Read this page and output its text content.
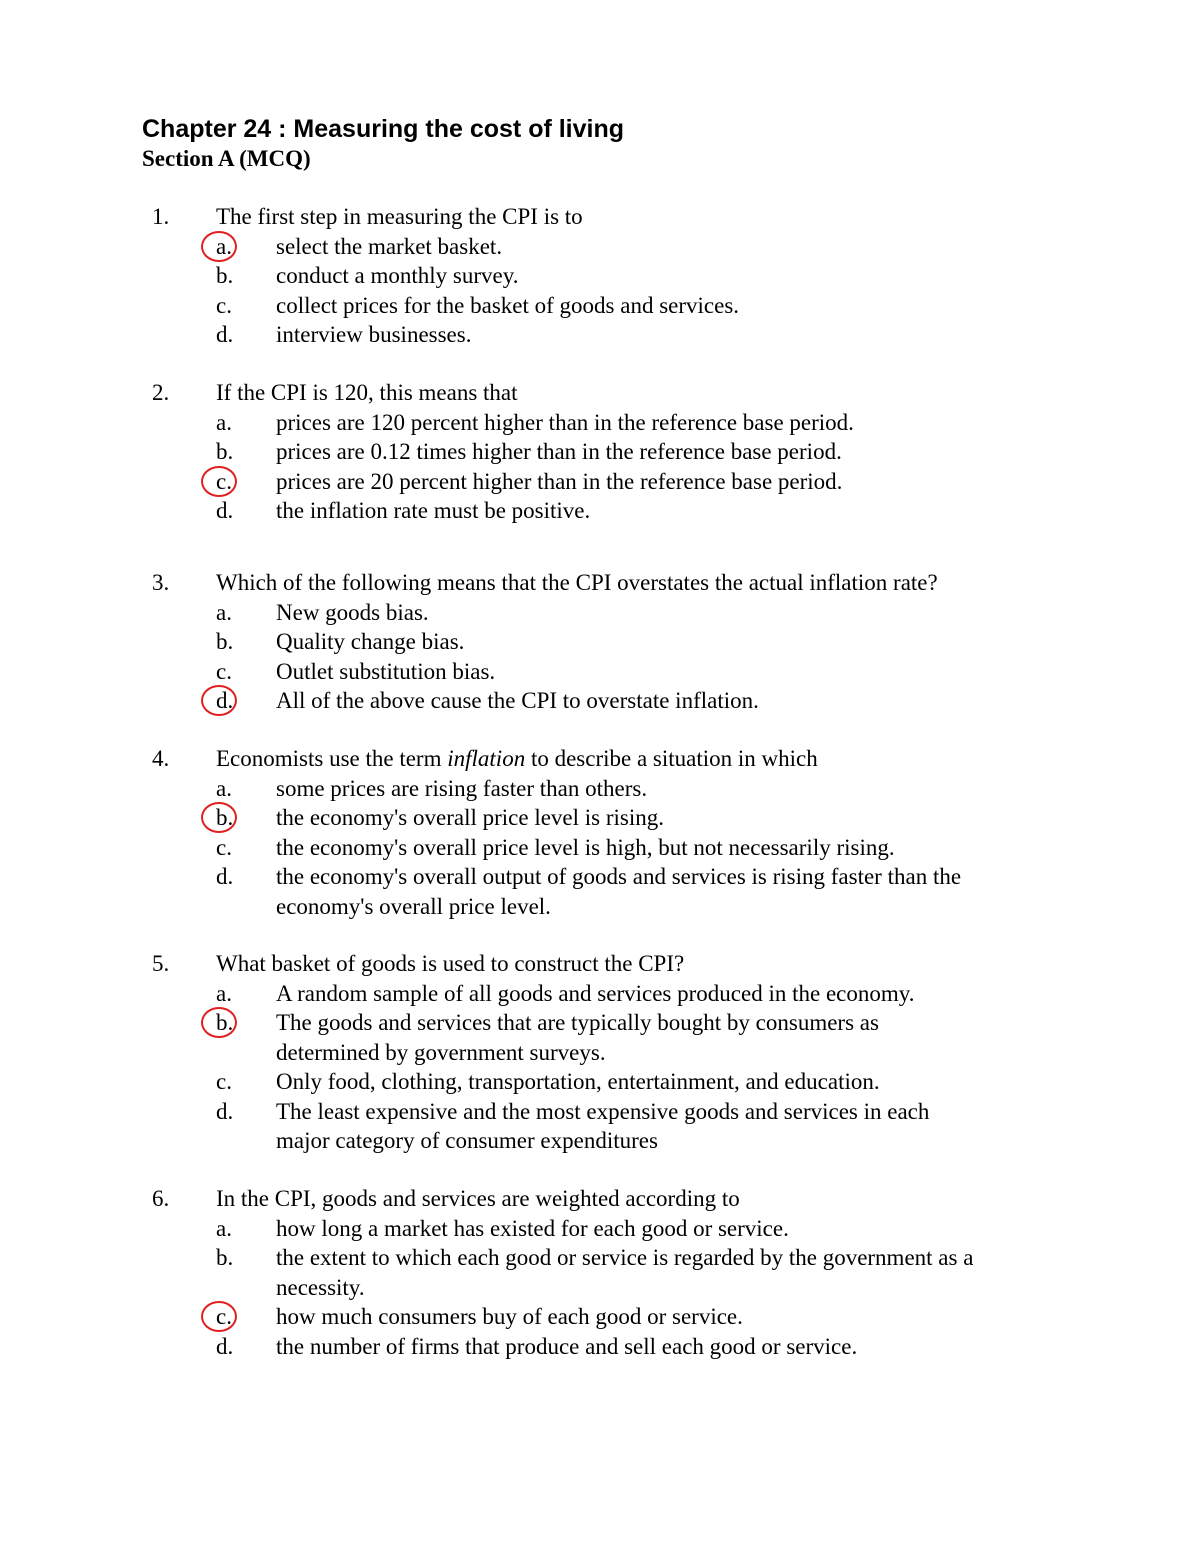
Chapter 24 : Measuring the cost of living
Section A (MCQ)
1. The first step in measuring the CPI is to
a. select the market basket.
b. conduct a monthly survey.
c. collect prices for the basket of goods and services.
d. interview businesses.
2. If the CPI is 120, this means that
a. prices are 120 percent higher than in the reference base period.
b. prices are 0.12 times higher than in the reference base period.
c. prices are 20 percent higher than in the reference base period.
d. the inflation rate must be positive.
3. Which of the following means that the CPI overstates the actual inflation rate?
a. New goods bias.
b. Quality change bias.
c. Outlet substitution bias.
d. All of the above cause the CPI to overstate inflation.
4. Economists use the term inflation to describe a situation in which
a. some prices are rising faster than others.
b. the economy's overall price level is rising.
c. the economy's overall price level is high, but not necessarily rising.
d. the economy's overall output of goods and services is rising faster than the
economy's overall price level.
5. What basket of goods is used to construct the CPI?
a. A random sample of all goods and services produced in the economy.
b. The goods and services that are typically bought by consumers as
determined by government surveys.
c. Only food, clothing, transportation, entertainment, and education.
d. The least expensive and the most expensive goods and services in each
major category of consumer expenditures
6. In the CPI, goods and services are weighted according to
a. how long a market has existed for each good or service.
b. the extent to which each good or service is regarded by the government as a
necessity.
c. how much consumers buy of each good or service.
d. the number of firms that produce and sell each good or service.
